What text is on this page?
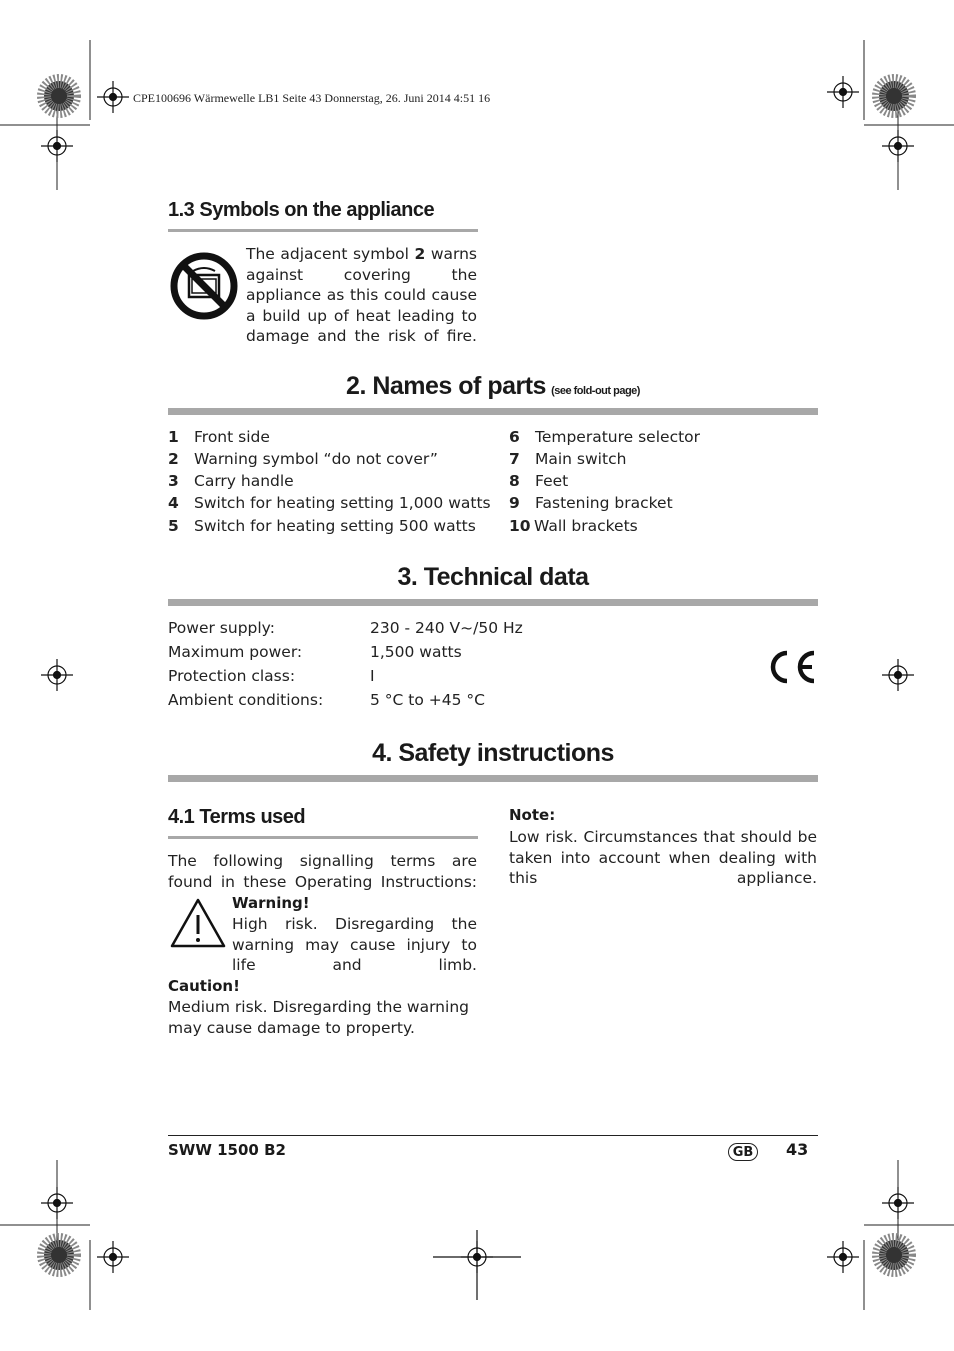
CPE100696 Wärmewelle LB1 Seite 43 Donnerstag, 26. Juni 2014 4:51 16
1.3 Symbols on the appliance
The adjacent symbol 2 warns against covering the appliance as this could cause a build up of heat leading to damage and the risk of fire.
2. Names of parts (see fold-out page)
1 Front side
2 Warning symbol “do not cover”
3 Carry handle
4 Switch for heating setting 1,000 watts
5 Switch for heating setting 500 watts
6 Temperature selector
7 Main switch
8 Feet
9 Fastening bracket
10 Wall brackets
3. Technical data
Power supply:	230 - 240 V~/50 Hz
Maximum power:	1,500 watts
Protection class:	I
Ambient conditions:	5 °C to +45 °C
4. Safety instructions
4.1 Terms used
The following signalling terms are found in these Operating Instructions:
Warning!
High risk. Disregarding the warning may cause injury to life and limb.
Caution!
Medium risk. Disregarding the warning may cause damage to property.
Note:
Low risk. Circumstances that should be taken into account when dealing with this appliance.
SWW 1500 B2	GB 43
